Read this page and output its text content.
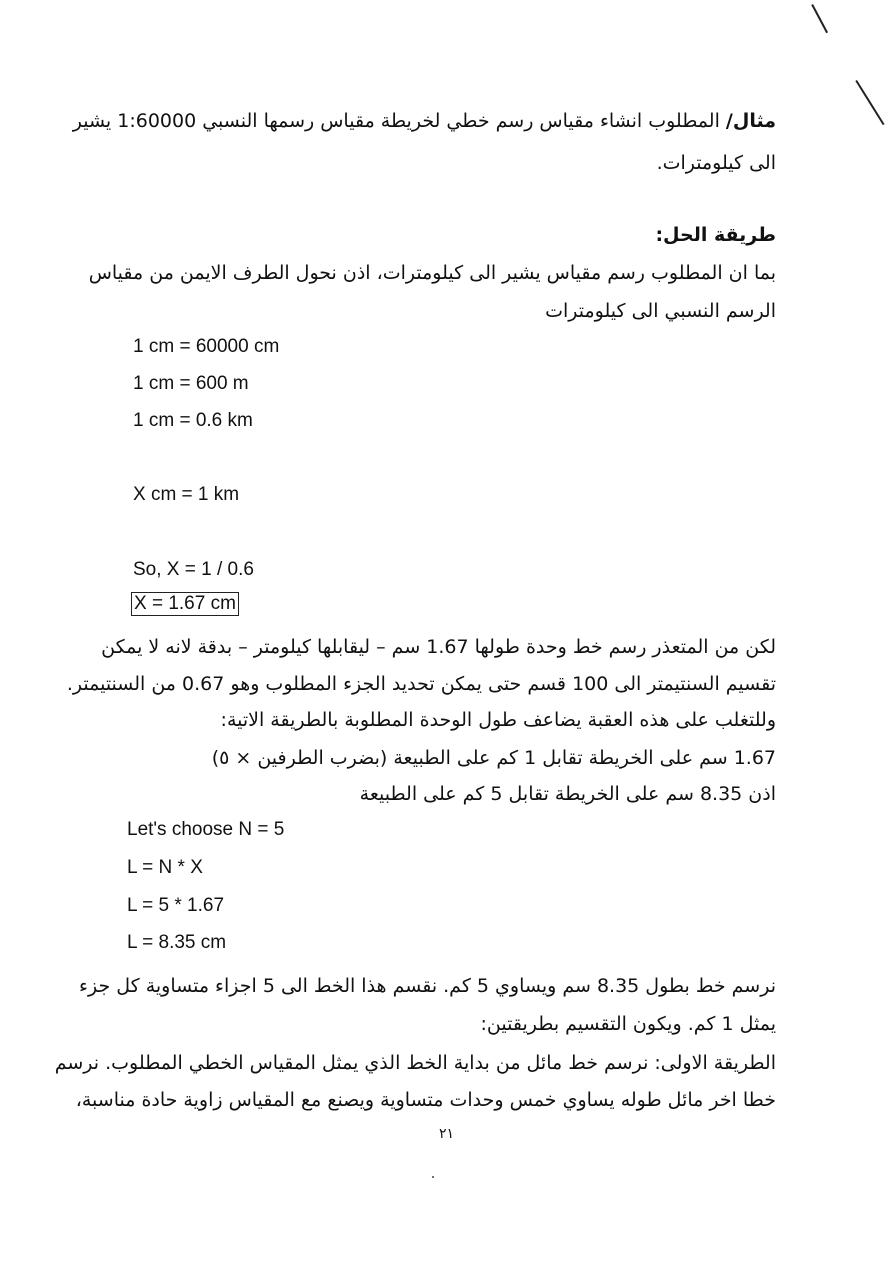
مثال/ المطلوب انشاء مقياس رسم خطي لخريطة مقياس رسمها النسبي 1:60000 يشير
الى كيلومترات.
طريقة الحل:
بما ان المطلوب رسم مقياس يشير الى كيلومترات، اذن نحول الطرف الايمن من مقياس
الرسم النسبي الى كيلومترات
1 cm = 60000 cm
1 cm = 600 m
1 cm = 0.6 km
X cm = 1 km
So, X = 1 / 0.6
X = 1.67 cm
لكن من المتعذر رسم خط وحدة طولها 1.67 سم – ليقابلها كيلومتر – بدقة لانه لا يمكن
تقسيم السنتيمتر الى 100 قسم حتى يمكن تحديد الجزء المطلوب وهو 0.67 من السنتيمتر.
وللتغلب على هذه العقبة يضاعف طول الوحدة المطلوبة بالطريقة الاتية:
1.67 سم على الخريطة تقابل 1 كم على الطبيعة (بضرب الطرفين × ٥)
اذن 8.35 سم على الخريطة تقابل 5 كم على الطبيعة
Let's choose N = 5
L = N * X
L = 5 * 1.67
L = 8.35 cm
نرسم خط بطول 8.35 سم ويساوي 5 كم. نقسم هذا الخط الى 5 اجزاء متساوية كل جزء
يمثل 1 كم. ويكون التقسيم بطريقتين:
الطريقة الاولى: نرسم خط مائل من بداية الخط الذي يمثل المقياس الخطي المطلوب. نرسم
خطا اخر مائل طوله يساوي خمس وحدات متساوية ويصنع مع المقياس زاوية حادة مناسبة،
٢١
